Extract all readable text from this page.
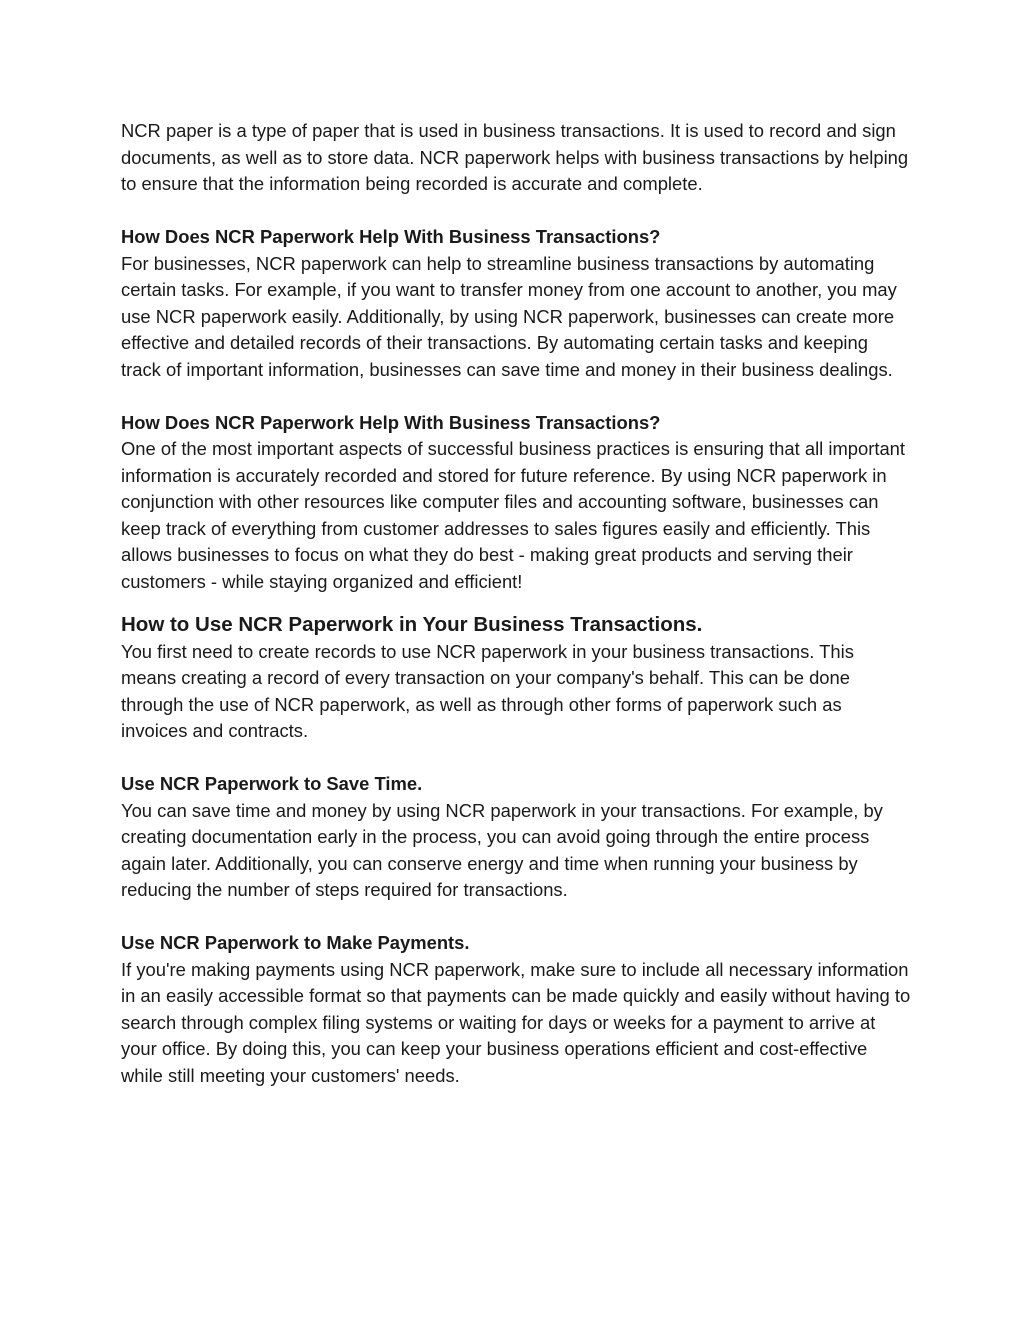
NCR paper is a type of paper that is used in business transactions. It is used to record and sign documents, as well as to store data. NCR paperwork helps with business transactions by helping to ensure that the information being recorded is accurate and complete.

How Does NCR Paperwork Help With Business Transactions?

For businesses, NCR paperwork can help to streamline business transactions by automating certain tasks. For example, if you want to transfer money from one account to another, you may use NCR paperwork easily. Additionally, by using NCR paperwork, businesses can create more effective and detailed records of their transactions. By automating certain tasks and keeping track of important information, businesses can save time and money in their business dealings.

How Does NCR Paperwork Help With Business Transactions?

One of the most important aspects of successful business practices is ensuring that all important information is accurately recorded and stored for future reference. By using NCR paperwork in conjunction with other resources like computer files and accounting software, businesses can keep track of everything from customer addresses to sales figures easily and efficiently. This allows businesses to focus on what they do best - making great products and serving their customers - while staying organized and efficient!

How to Use NCR Paperwork in Your Business Transactions.

You first need to create records to use NCR paperwork in your business transactions. This means creating a record of every transaction on your company's behalf. This can be done through the use of NCR paperwork, as well as through other forms of paperwork such as invoices and contracts.

Use NCR Paperwork to Save Time.

You can save time and money by using NCR paperwork in your transactions. For example, by creating documentation early in the process, you can avoid going through the entire process again later. Additionally, you can conserve energy and time when running your business by reducing the number of steps required for transactions.

Use NCR Paperwork to Make Payments.

If you're making payments using NCR paperwork, make sure to include all necessary information in an easily accessible format so that payments can be made quickly and easily without having to search through complex filing systems or waiting for days or weeks for a payment to arrive at your office. By doing this, you can keep your business operations efficient and cost-effective while still meeting your customers' needs.
